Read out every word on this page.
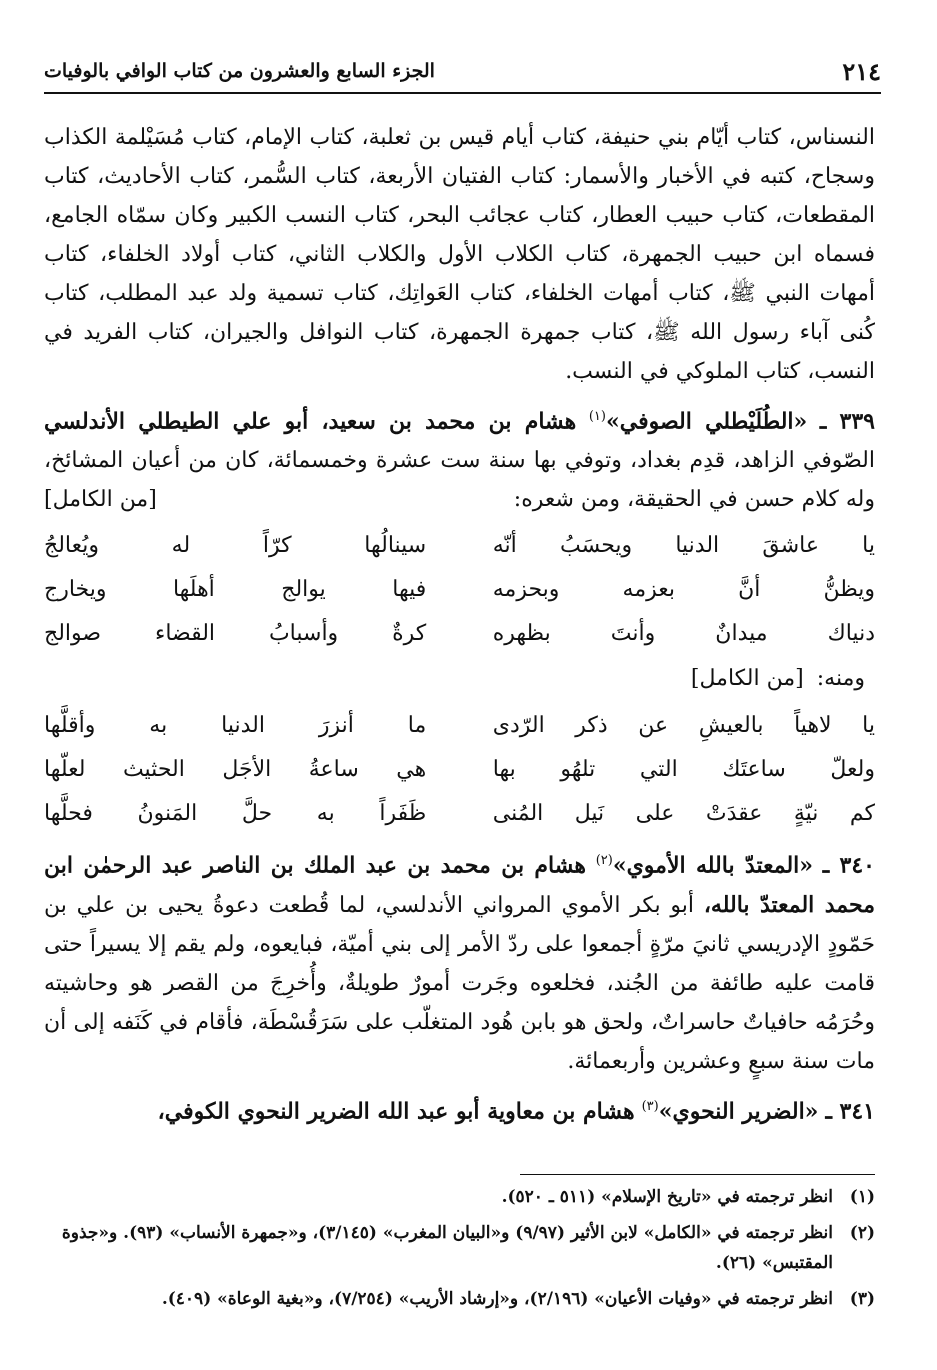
٢١٤
الجزء السابع والعشرون من كتاب الوافي بالوفيات

النسناس، كتاب أيّام بني حنيفة، كتاب أيام قيس بن ثعلبة، كتاب الإمام، كتاب مُسَيْلمة الكذاب وسجاح، كتبه في الأخبار والأسمار: كتاب الفتيان الأربعة، كتاب السُّمر، كتاب الأحاديث، كتاب المقطعات، كتاب حبيب العطار، كتاب عجائب البحر، كتاب النسب الكبير وكان سمّاه الجامع، فسماه ابن حبيب الجمهرة، كتاب الكلاب الأول والكلاب الثاني، كتاب أولاد الخلفاء، كتاب أمهات النبي ﷺ، كتاب أمهات الخلفاء، كتاب العَواتِك، كتاب تسمية ولد عبد المطلب، كتاب كُنى آباء رسول الله ﷺ، كتاب جمهرة الجمهرة، كتاب النوافل والجيران، كتاب الفريد في النسب، كتاب الملوكي في النسب.

٣٣٩ ـ «الطُلَيْطلي الصوفي»$^{(١)}$ هشام بن محمد بن سعيد، أبو علي الطيطلي الأندلسي الصّوفي الزاهد، قدِم بغداد، وتوفي بها سنة ست عشرة وخمسمائة، كان من أعيان المشائخ، وله كلام حسن في الحقيقة، ومن شعره:

[من الكامل]
يا عاشقَ الدنيا ويحسَبُ أنّه
سينالُها كرّاً له ويُعالجُ
ويظنُّ أنَّ بعزمه وبحزمه
فيها يوالج أهلَها ويخارج
دنياك ميدانٌ وأنتَ بظهره
كرةٌ وأسبابُ القضاء صوالج
ومنه: [من الكامل]
يا لاهياً بالعيشِ عن ذكر الرّدى
ما أنزرَ الدنيا به وأقلَّها
ولعلّ ساعتَك التي تلهُو بها
هي ساعةُ الأجَل الحثيث لعلّها
كم نيّةٍ عقدَتْ على نَيل المُنى
ظَفَراً به حلَّ المَنونُ فحلَّها

٣٤٠ ـ «المعتدّ بالله الأموي»$^{(٢)}$ هشام بن محمد بن عبد الملك بن الناصر عبد الرحمٰن ابن محمد المعتدّ بالله، أبو بكر الأموي المرواني الأندلسي، لما قُطعت دعوةُ يحيى بن علي بن حَمّودٍ الإدريسي ثانيَ مرّةٍ أجمعوا على ردّ الأمر إلى بني أميّة، فبايعوه، ولم يقم إلا يسيراً حتى قامت عليه طائفة من الجُند، فخلعوه وجَرت أمورٌ طويلةٌ، وأُخرِجَ من القصر هو وحاشيته وحُرَمُه حافياتٌ حاسراتٌ، ولحق هو بابن هُود المتغلّب على سَرَقُسْطَة، فأقام في كَنَفه إلى أن مات سنة سبعٍ وعشرين وأربعمائة.

٣٤١ ـ «الضرير النحوي»$^{(٣)}$ هشام بن معاوية أبو عبد الله الضرير النحوي الكوفي،

(١)
انظر ترجمته في «تاريخ الإسلام» (٥١١ ـ ٥٢٠).
(٢)
انظر ترجمته في «الكامل» لابن الأثير (٩/٩٧) و«البيان المغرب» (٣/١٤٥)، و«جمهرة الأنساب» (٩٣). و«جذوة المقتبس» (٢٦).
(٣)
انظر ترجمته في «وفيات الأعيان» (٢/١٩٦)، و«إرشاد الأريب» (٧/٢٥٤)، و«بغية الوعاة» (٤٠٩).
